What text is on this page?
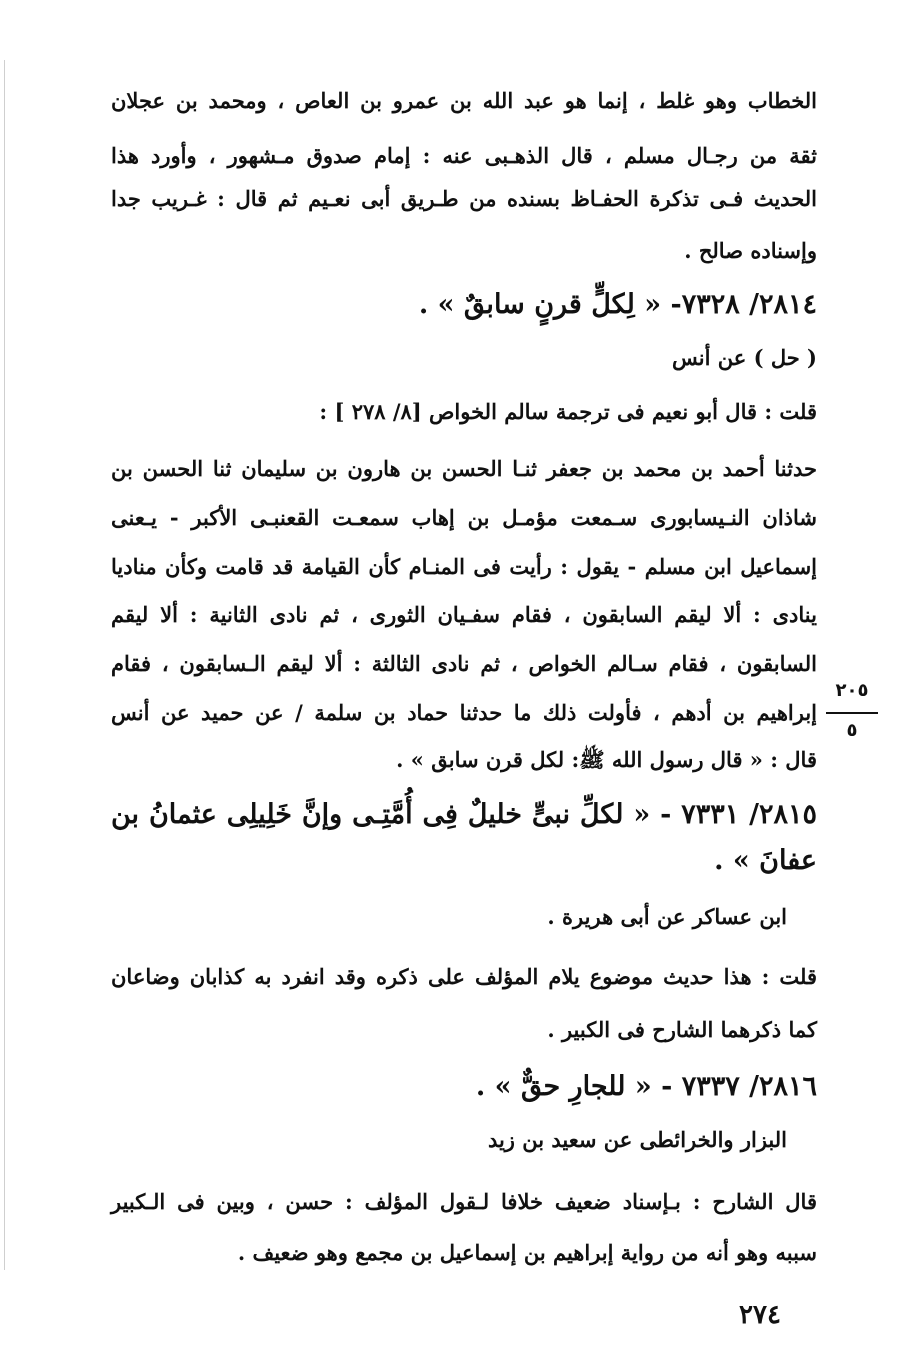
الخطاب وهو غلط ، إنما هو عبد الله بن عمرو بن العاص ، ومحمد بن عجلان
ثقة من رجـال مسلم ، قال الذهـبى عنه : إمام صدوق مـشهور ، وأورد هذا
الحديث فـى تذكرة الحفـاظ بسنده من طـريق أبى نعـيم ثم قال : غـريب جدا
وإسناده صالح .
٢٨١٤/ ٧٣٢٨- « لِكلٍّ قرنٍ سابقٌ » .
( حل ) عن أنس
قلت : قال أبو نعيم فى ترجمة سالم الخواص [٨/ ٢٧٨ ] :
حدثنا أحمد بن محمد بن جعفر ثنـا الحسن بن هارون بن سليمان ثنا الحسن بن
شاذان النـيسابورى سـمعت مؤمـل بن إهاب سمعـت القعنبـى الأكبر - يـعنى
إسماعيل ابن مسلم - يقول : رأيت فى المنـام كأن القيامة قد قامت وكأن مناديا
ينادى : ألا ليقم السابقون ، فقام سفـيان الثورى ، ثم نادى الثانية : ألا ليقم
السابقون ، فقام سـالم الخواص ، ثم نادى الثالثة : ألا ليقم الـسابقون ، فقام
إبراهيم بن أدهم ، فأولت ذلك ما حدثنا حماد بن سلمة / عن حميد عن أنس
قال : « قال رسول الله ﷺ: لكل قرن سابق » .
٢٨١٥/ ٧٣٣١ - « لكلِّ نبىٍّ خليلٌ فِى أُمَّتِـى وإنَّ خَلِيلِى عثمانُ بن
عفانَ » .
ابن عساكر عن أبى هريرة .
قلت : هذا حديث موضوع يلام المؤلف على ذكره وقد انفرد به كذابان وضاعان
كما ذكرهما الشارح فى الكبير .
٢٨١٦/ ٧٣٣٧ - « للجارِ حقٌّ » .
البزار والخرائطى عن سعيد بن زيد
قال الشارح : بـإسناد ضعيف خلافا لـقول المؤلف : حسن ، وبين فى الـكبير
سببه وهو أنه من رواية إبراهيم بن إسماعيل بن مجمع وهو ضعيف .
٢٠٥
٥
٢٧٤
